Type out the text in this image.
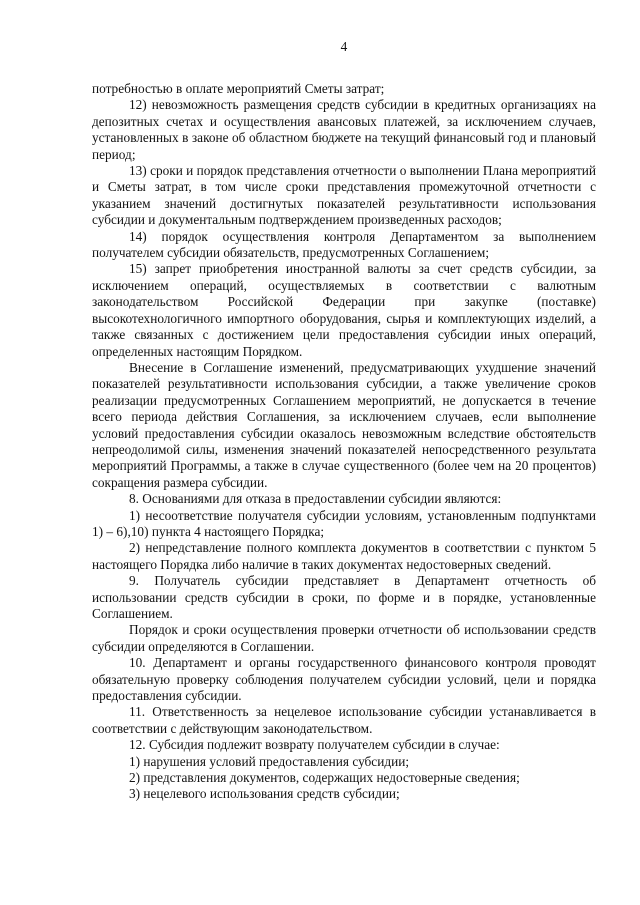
4

потребностью в оплате мероприятий Сметы затрат;

12) невозможность размещения средств субсидии в кредитных организациях на депозитных счетах и осуществления авансовых платежей, за исключением случаев, установленных в законе об областном бюджете на текущий финансовый год и плановый период;

13) сроки и порядок представления отчетности о выполнении Плана мероприятий и Сметы затрат, в том числе сроки представления промежуточной отчетности с указанием значений достигнутых показателей результативности использования субсидии и документальным подтверждением произведенных расходов;

14) порядок осуществления контроля Департаментом за выполнением получателем субсидии обязательств, предусмотренных Соглашением;

15) запрет приобретения иностранной валюты за счет средств субсидии, за исключением операций, осуществляемых в соответствии с валютным законодательством Российской Федерации при закупке (поставке) высокотехнологичного импортного оборудования, сырья и комплектующих изделий, а также связанных с достижением цели предоставления субсидии иных операций, определенных настоящим Порядком.

Внесение в Соглашение изменений, предусматривающих ухудшение значений показателей результативности использования субсидии, а также увеличение сроков реализации предусмотренных Соглашением мероприятий, не допускается в течение всего периода действия Соглашения, за исключением случаев, если выполнение условий предоставления субсидии оказалось невозможным вследствие обстоятельств непреодолимой силы, изменения значений показателей непосредственного результата мероприятий Программы, а также в случае существенного (более чем на 20 процентов) сокращения размера субсидии.

8. Основаниями для отказа в предоставлении субсидии являются:

1) несоответствие получателя субсидии условиям, установленным подпунктами 1) – 6),10) пункта 4 настоящего Порядка;

2) непредставление полного комплекта документов в соответствии с пунктом 5 настоящего Порядка либо наличие в таких документах недостоверных сведений.

9. Получатель субсидии представляет в Департамент отчетность об использовании средств субсидии в сроки, по форме и в порядке, установленные Соглашением.

Порядок и сроки осуществления проверки отчетности об использовании средств субсидии определяются в Соглашении.

10. Департамент и органы государственного финансового контроля проводят обязательную проверку соблюдения получателем субсидии условий, цели и порядка предоставления субсидии.

11. Ответственность за нецелевое использование субсидии устанавливается в соответствии с действующим законодательством.

12. Субсидия подлежит возврату получателем субсидии в случае:

1) нарушения условий предоставления субсидии;

2) представления документов, содержащих недостоверные сведения;

3) нецелевого использования средств субсидии;
